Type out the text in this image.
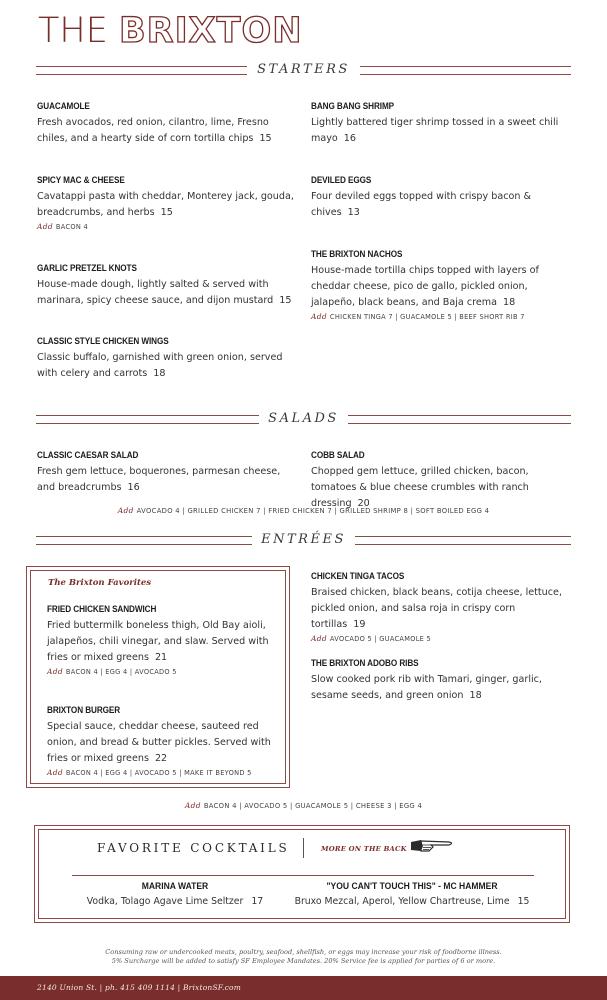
THE BRIXTON
STARTERS
GUACAMOLE
Fresh avocados, red onion, cilantro, lime, Fresno chiles, and a hearty side of corn tortilla chips 15
SPICY MAC & CHEESE
Cavatappi pasta with cheddar, Monterey jack, gouda, breadcrumbs, and herbs 15
Add BACON 4
GARLIC PRETZEL KNOTS
House-made dough, lightly salted & served with marinara, spicy cheese sauce, and dijon mustard 15
CLASSIC STYLE CHICKEN WINGS
Classic buffalo, garnished with green onion, served with celery and carrots 18
BANG BANG SHRIMP
Lightly battered tiger shrimp tossed in a sweet chili mayo 16
DEVILED EGGS
Four deviled eggs topped with crispy bacon & chives 13
THE BRIXTON NACHOS
House-made tortilla chips topped with layers of cheddar cheese, pico de gallo, pickled onion, jalapeño, black beans, and Baja crema 18
Add CHICKEN TINGA 7 | GUACAMOLE 5 | BEEF SHORT RIB 7
SALADS
CLASSIC CAESAR SALAD
Fresh gem lettuce, boquerones, parmesan cheese, and breadcrumbs 16
COBB SALAD
Chopped gem lettuce, grilled chicken, bacon, tomatoes & blue cheese crumbles with ranch dressing 20
Add AVOCADO 4 | GRILLED CHICKEN 7 | FRIED CHICKEN 7 | GRILLED SHRIMP 8 | SOFT BOILED EGG 4
ENTRÉES
The Brixton Favorites
FRIED CHICKEN SANDWICH
Fried buttermilk boneless thigh, Old Bay aioli, jalapeños, chili vinegar, and slaw. Served with fries or mixed greens 21
Add BACON 4 | EGG 4 | AVOCADO 5
BRIXTON BURGER
Special sauce, cheddar cheese, sauteed red onion, and bread & butter pickles. Served with fries or mixed greens 22
Add BACON 4 | EGG 4 | AVOCADO 5 | MAKE IT BEYOND 5
CHICKEN TINGA TACOS
Braised chicken, black beans, cotija cheese, lettuce, pickled onion, and salsa roja in crispy corn tortillas 19
Add AVOCADO 5 | GUACAMOLE 5
THE BRIXTON ADOBO RIBS
Slow cooked pork rib with Tamari, ginger, garlic, sesame seeds, and green onion 18
Add BACON 4 | AVOCADO 5 | GUACAMOLE 5 | CHEESE 3 | EGG 4
FAVORITE COCKTAILS	MORE ON THE BACK
MARINA WATER
Vodka, Tolago Agave Lime Seltzer 17
"YOU CAN'T TOUCH THIS" - MC HAMMER
Bruxo Mezcal, Aperol, Yellow Chartreuse, Lime 15
Consuming raw or undercooked meats, poultry, seafood, shellfish, or eggs may increase your risk of foodborne illness.
5% Surcharge will be added to satisfy SF Employee Mandates. 20% Service fee is applied for parties of 6 or more.
2140 Union St. | ph. 415 409 1114 | BrixtonSF.com
